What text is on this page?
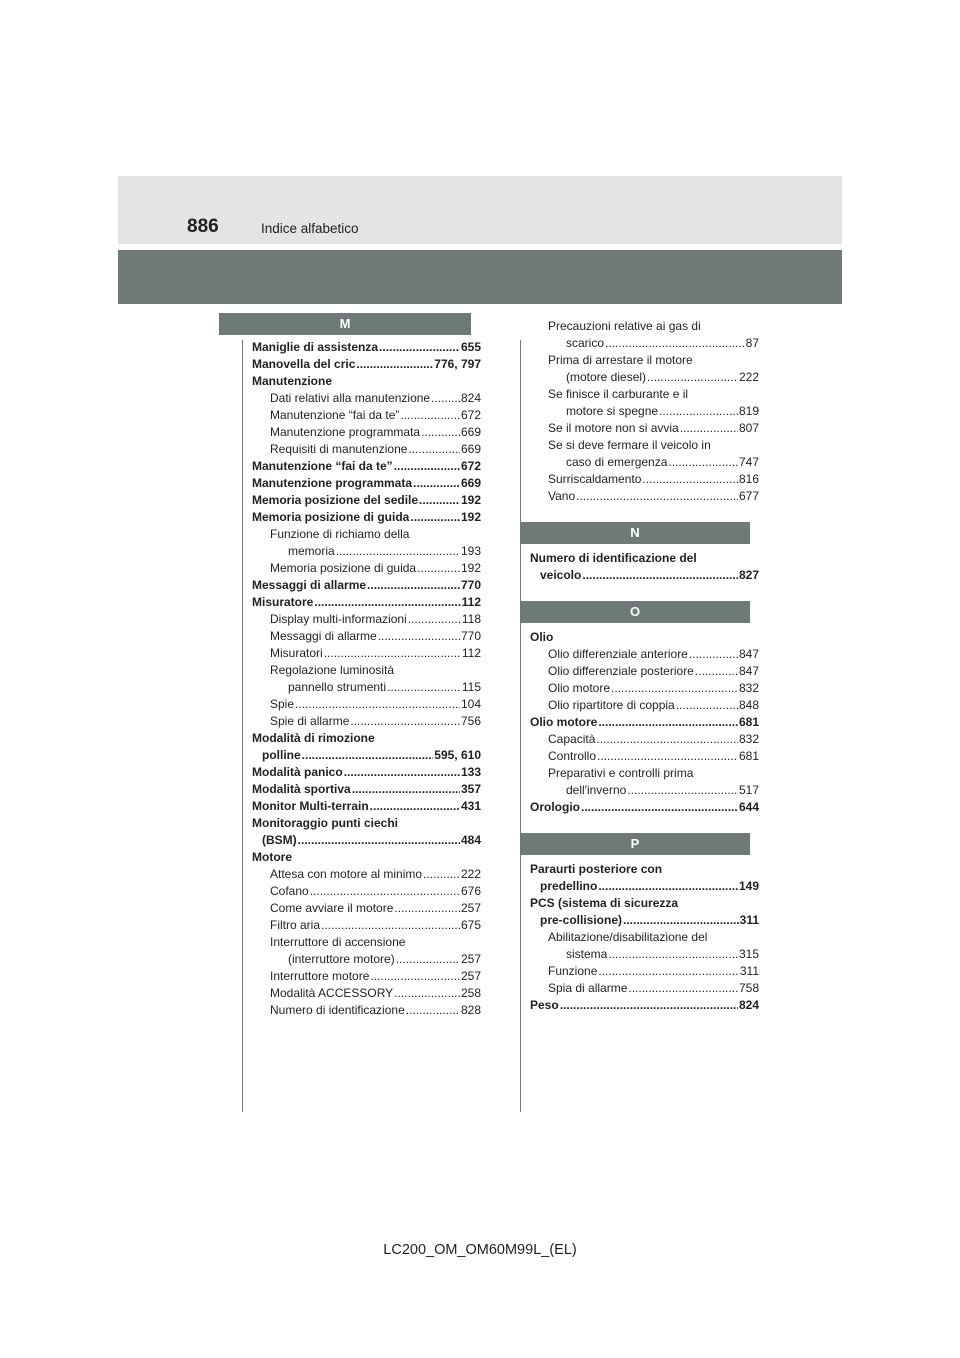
886	Indice alfabetico
M
Maniglie di assistenza .....	655
Manovella del cric .....	776, 797
Manutenzione
Dati relativi alla manutenzione .....	824
Manutenzione “fai da te” .....	672
Manutenzione programmata .....	669
Requisiti di manutenzione .....	669
Manutenzione “fai da te” .....	672
Manutenzione programmata .....	669
Memoria posizione del sedile .....	192
Memoria posizione di guida .....	192
Funzione di richiamo della
memoria .....	193
Memoria posizione di guida .....	192
Messaggi di allarme .....	770
Misuratore .....	112
Display multi-informazioni .....	118
Messaggi di allarme .....	770
Misuratori .....	112
Regolazione luminosità
pannello strumenti .....	115
Spie .....	104
Spie di allarme .....	756
Modalità di rimozione
polline .....	595, 610
Modalità panico .....	133
Modalità sportiva .....	357
Monitor Multi-terrain .....	431
Monitoraggio punti ciechi
(BSM) .....	484
Motore
Attesa con motore al minimo .....	222
Cofano .....	676
Come avviare il motore .....	257
Filtro aria .....	675
Interruttore di accensione
(interruttore motore) .....	257
Interruttore motore .....	257
Modalità ACCESSORY .....	258
Numero di identificazione .....	828
Precauzioni relative ai gas di
scarico .....	87
Prima di arrestare il motore
(motore diesel) .....	222
Se finisce il carburante e il
motore si spegne .....	819
Se il motore non si avvia .....	807
Se si deve fermare il veicolo in
caso di emergenza .....	747
Surriscaldamento .....	816
Vano .....	677
N
Numero di identificazione del
veicolo .....	827
O
Olio
Olio differenziale anteriore .....	847
Olio differenziale posteriore .....	847
Olio motore .....	832
Olio ripartitore di coppia .....	848
Olio motore .....	681
Capacità .....	832
Controllo .....	681
Preparativi e controlli prima
dell'inverno .....	517
Orologio .....	644
P
Paraurti posteriore con
predellino .....	149
PCS (sistema di sicurezza
pre-collisione) .....	311
Abilitazione/disabilitazione del
sistema .....	315
Funzione .....	311
Spia di allarme .....	758
Peso .....	824
LC200_OM_OM60M99L_(EL)
